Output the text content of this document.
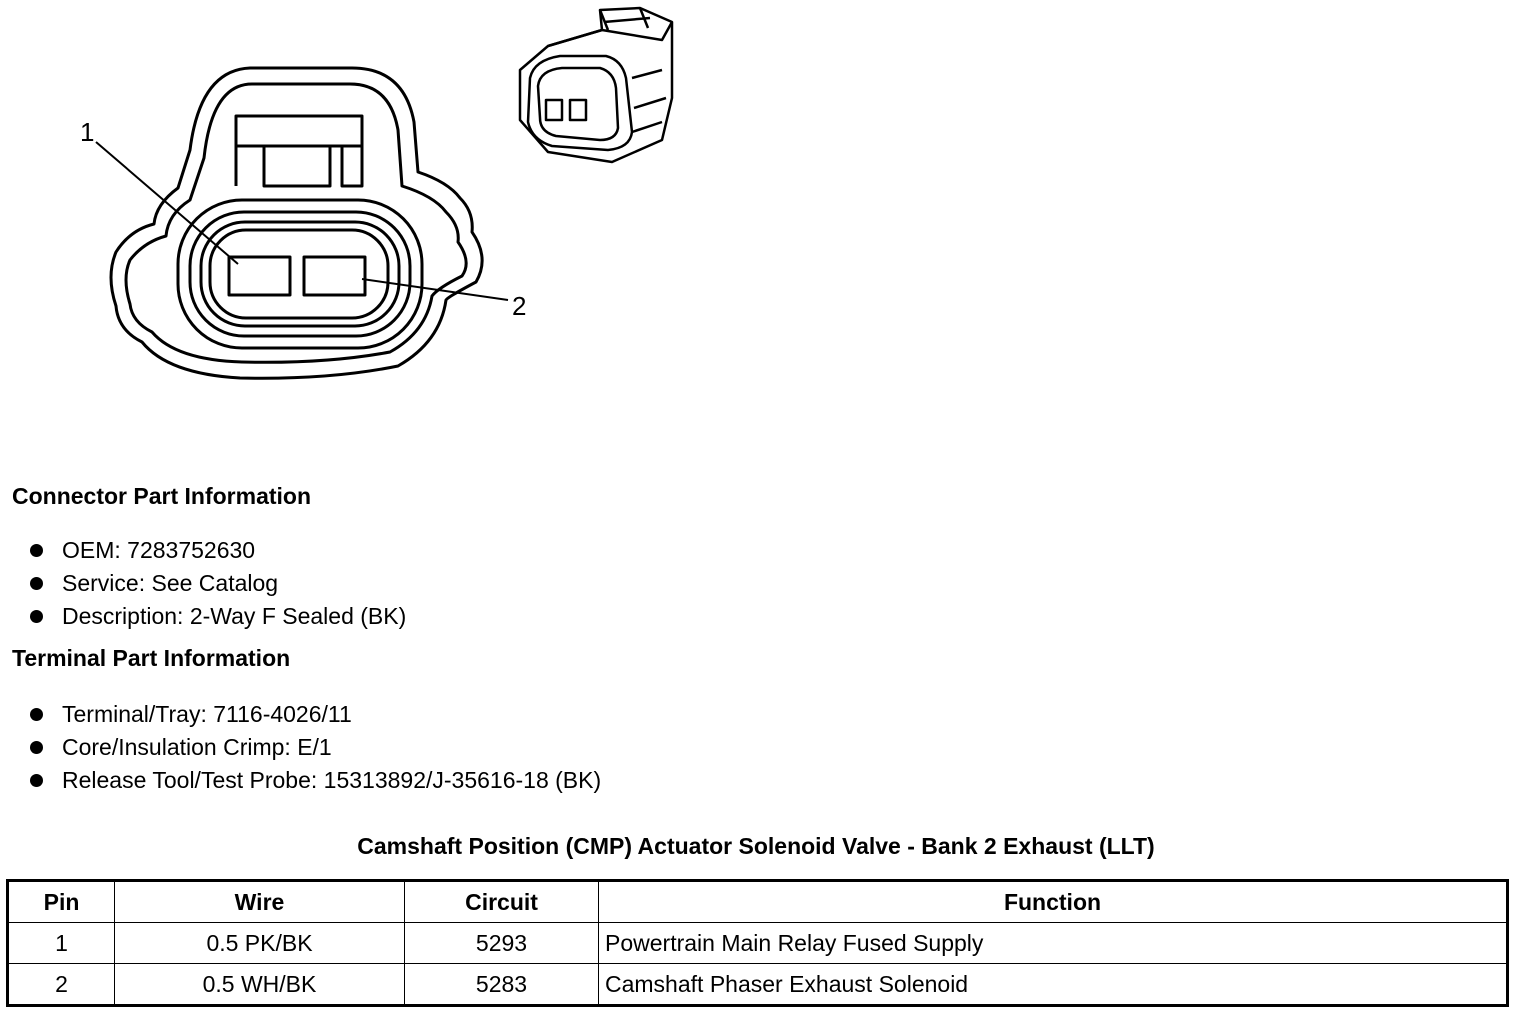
1
2
Connector Part Information
OEM: 7283752630
Service: See Catalog
Description: 2-Way F Sealed (BK)
Terminal Part Information
Terminal/Tray: 7116-4026/11
Core/Insulation Crimp: E/1
Release Tool/Test Probe: 15313892/J-35616-18 (BK)
Camshaft Position (CMP) Actuator Solenoid Valve - Bank 2 Exhaust (LLT)
Pin	Wire	Circuit	Function
1	0.5 PK/BK	5293	Powertrain Main Relay Fused Supply
2	0.5 WH/BK	5283	Camshaft Phaser Exhaust Solenoid
